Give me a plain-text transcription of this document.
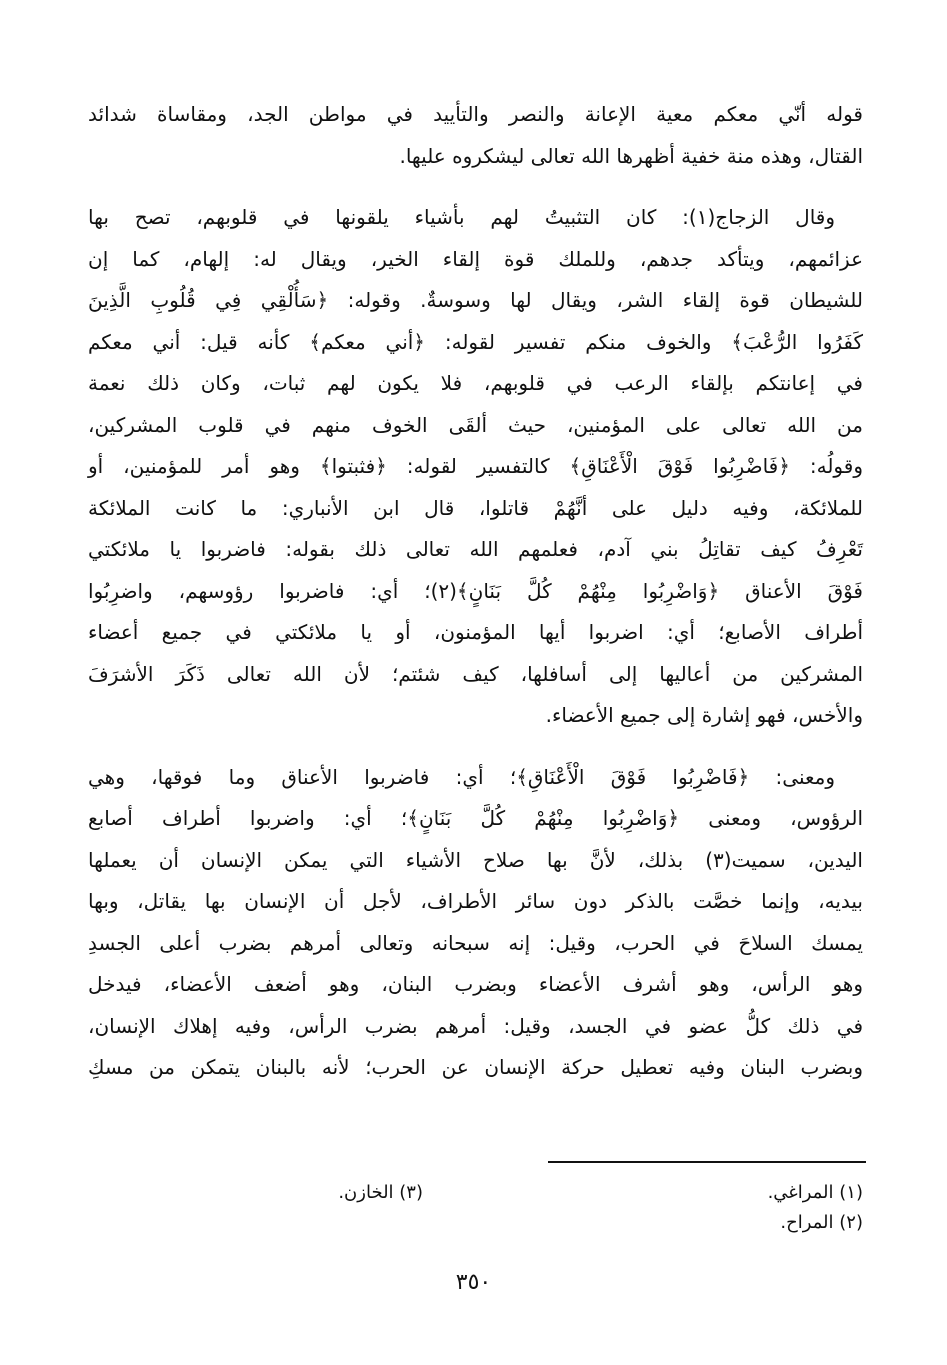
قوله أنّي معكم معية الإعانة والنصر والتأييد في مواطن الجد، ومقاساة شدائد
القتال، وهذه منة خفية أظهرها الله تعالى ليشكروه عليها.
وقال الزجاج(١): كان التثبيتُ لهم بأشياء يلقونها في قلوبهم، تصح بها
عزائمهم، ويتأكد جدهم، وللملك قوة إلقاء الخير، ويقال له: إلهام، كما إن
للشيطان قوة إلقاء الشر، ويقال لها وسوسةٌ. وقوله: ﴿سَأُلْقِي فِي قُلُوبِ الَّذِينَ
كَفَرُوا الرُّعْبَ﴾ والخوف منكم تفسير لقوله: ﴿أني معكم﴾ كأنه قيل: أني معكم
في إعانتكم بإلقاء الرعب في قلوبهم، فلا يكون لهم ثبات، وكان ذلك نعمة
من الله تعالى على المؤمنين، حيث ألقَى الخوف منهم في قلوب المشركين،
وقولُه: ﴿فَاضْرِبُوا فَوْقَ الْأَعْنَاقِ﴾ كالتفسير لقوله: ﴿فثبتوا﴾ وهو أمر للمؤمنين، أو
للملائكة، وفيه دليل على أنَّهُمْ قاتلوا، قال ابن الأنباري: ما كانت الملائكة
تَعْرِفُ كيف تقاتِلُ بني آدم، فعلمهم الله تعالى ذلك بقوله: فاضربوا يا ملائكتي
فَوْقَ الأعناق ﴿وَاضْرِبُوا مِنْهُمْ كُلَّ بَنَانٍ﴾(٢)؛ أي: فاضربوا رؤوسهم، واضرِبُوا
أطراف الأصابع؛ أي: اضربوا أيها المؤمنون، أو يا ملائكتي في جميع أعضاء
المشركين من أعاليها إلى أسافلها، كيف شئتم؛ لأن الله تعالى ذَكَرَ الأشرَفَ
والأخس، فهو إشارة إلى جميع الأعضاء.
ومعنى: ﴿فَاضْرِبُوا فَوْقَ الْأَعْنَاقِ﴾؛ أي: فاضربوا الأعناق وما فوقها، وهي
الرؤوس، ومعنى ﴿وَاضْرِبُوا مِنْهُمْ كُلَّ بَنَانٍ﴾؛ أي: واضربوا أطراف أصابع
اليدين، سميت(٣) بذلك، لأنَّ بها صلاح الأشياء التي يمكن الإنسان أن يعملها
بيديه، وإنما خصَّت بالذكر دون سائر الأطراف، لأجل أن الإنسان بها يقاتل، وبها
يمسك السلاحَ في الحرب، وقيل: إنه سبحانه وتعالى أمرهم بضرب أعلى الجسدِ
وهو الرأس، وهو أشرف الأعضاء وبضرب البنان، وهو أضعف الأعضاء، فيدخل
في ذلك كلُّ عضو في الجسد، وقيل: أمرهم بضرب الرأس، وفيه إهلاك الإنسان،
وبضرب البنان وفيه تعطيل حركة الإنسان عن الحرب؛ لأنه بالبنان يتمكن من مسكِ
(١) المراغي.
(٣) الخازن.
(٢) المراح.
٣٥٠
